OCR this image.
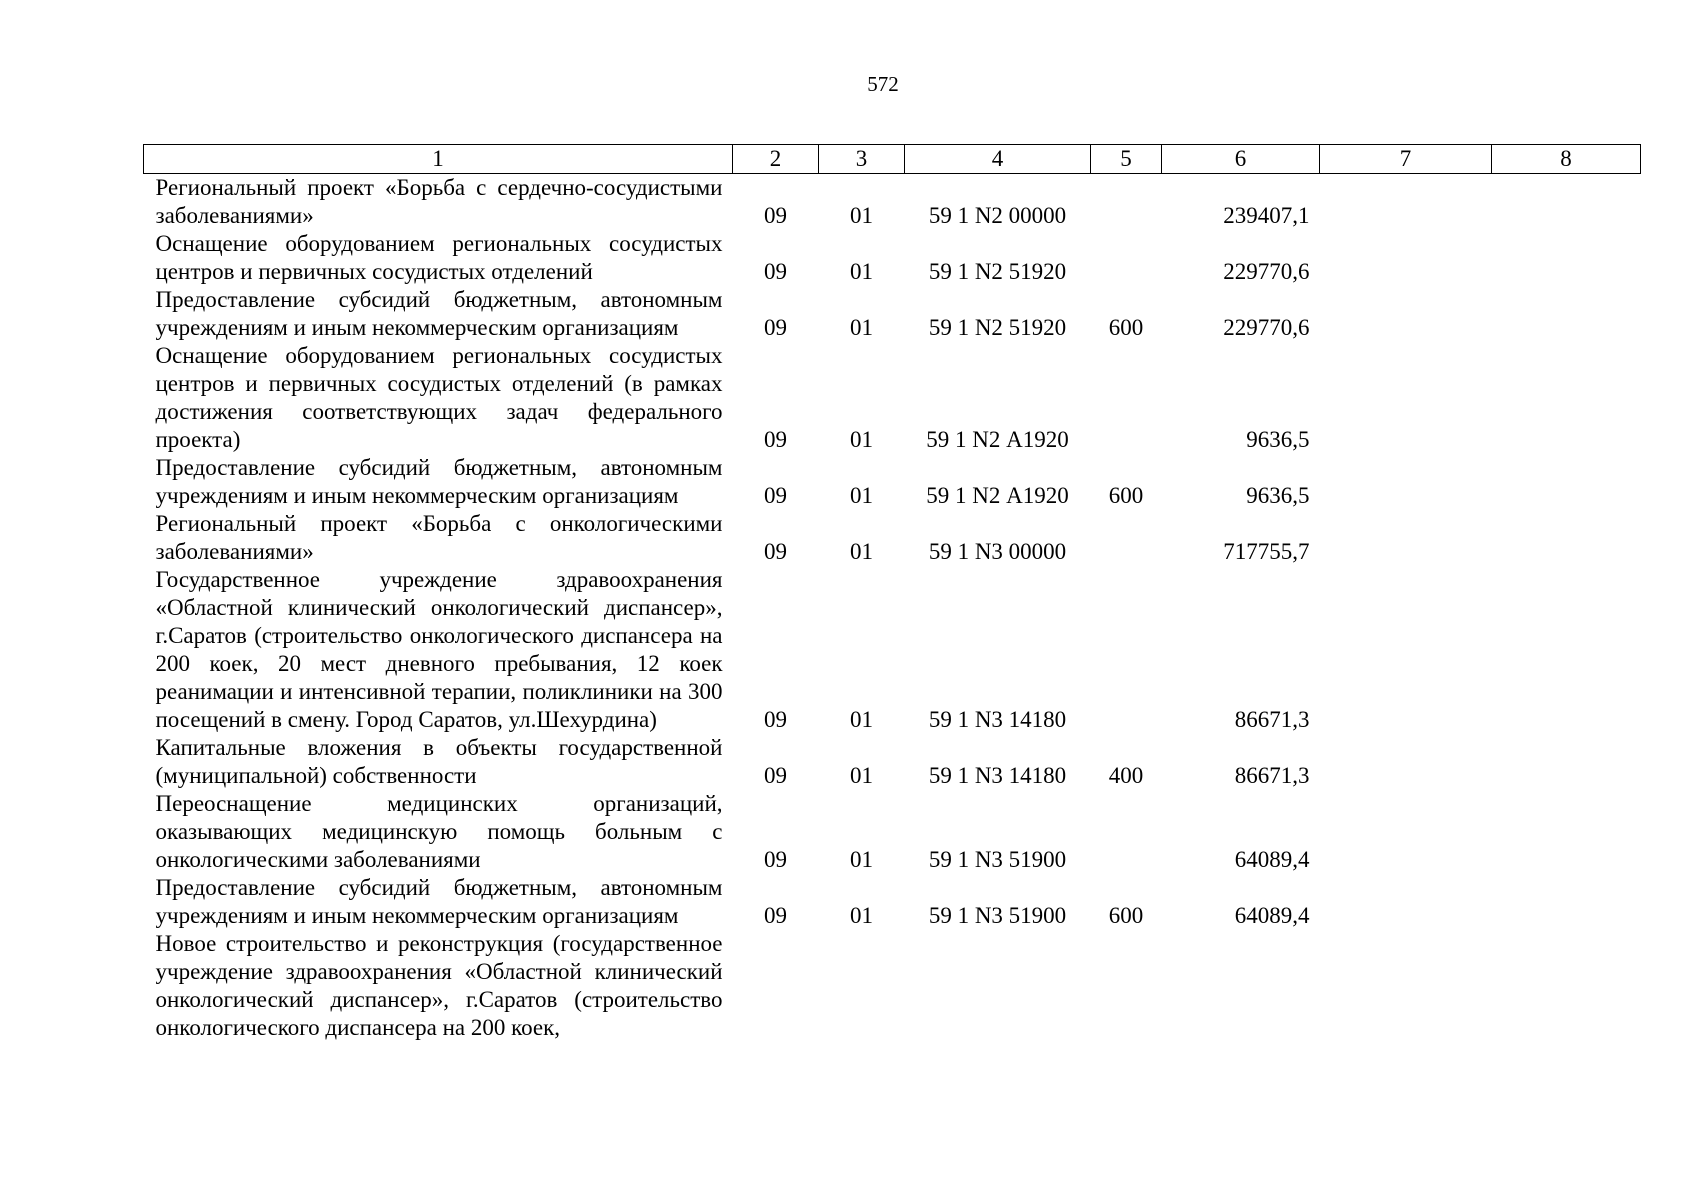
572
1	2	3	4	5	6	7	8
Региональный проект «Борьба с сердечно-сосудистыми заболеваниями»	09	01	59 1 N2 00000		239407,1		
Оснащение оборудованием региональных сосудистых центров и первичных сосудистых отделений	09	01	59 1 N2 51920		229770,6		
Предоставление субсидий бюджетным, автономным учреждениям и иным некоммерческим организациям	09	01	59 1 N2 51920	600	229770,6		
Оснащение оборудованием региональных сосудистых центров и первичных сосудистых отделений (в рамках достижения соответствующих задач федерального проекта)	09	01	59 1 N2 А1920		9636,5		
Предоставление субсидий бюджетным, автономным учреждениям и иным некоммерческим организациям	09	01	59 1 N2 А1920	600	9636,5		
Региональный проект «Борьба с онкологическими заболеваниями»	09	01	59 1 N3 00000		717755,7		
Государственное учреждение здравоохранения «Областной клинический онкологический диспансер», г.Саратов (строительство онкологического диспансера на 200 коек, 20 мест дневного пребывания, 12 коек реанимации и интенсивной терапии, поликлиники на 300 посещений в смену. Город Саратов, ул.Шехурдина)	09	01	59 1 N3 14180		86671,3		
Капитальные вложения в объекты государственной (муниципальной) собственности	09	01	59 1 N3 14180	400	86671,3		
Переоснащение медицинских организаций, оказывающих медицинскую помощь больным с онкологическими заболеваниями	09	01	59 1 N3 51900		64089,4		
Предоставление субсидий бюджетным, автономным учреждениям и иным некоммерческим организациям	09	01	59 1 N3 51900	600	64089,4		
Новое строительство и реконструкция (государственное учреждение здравоохранения «Областной клинический онкологический диспансер», г.Саратов (строительство онкологического диспансера на 200 коек,							
